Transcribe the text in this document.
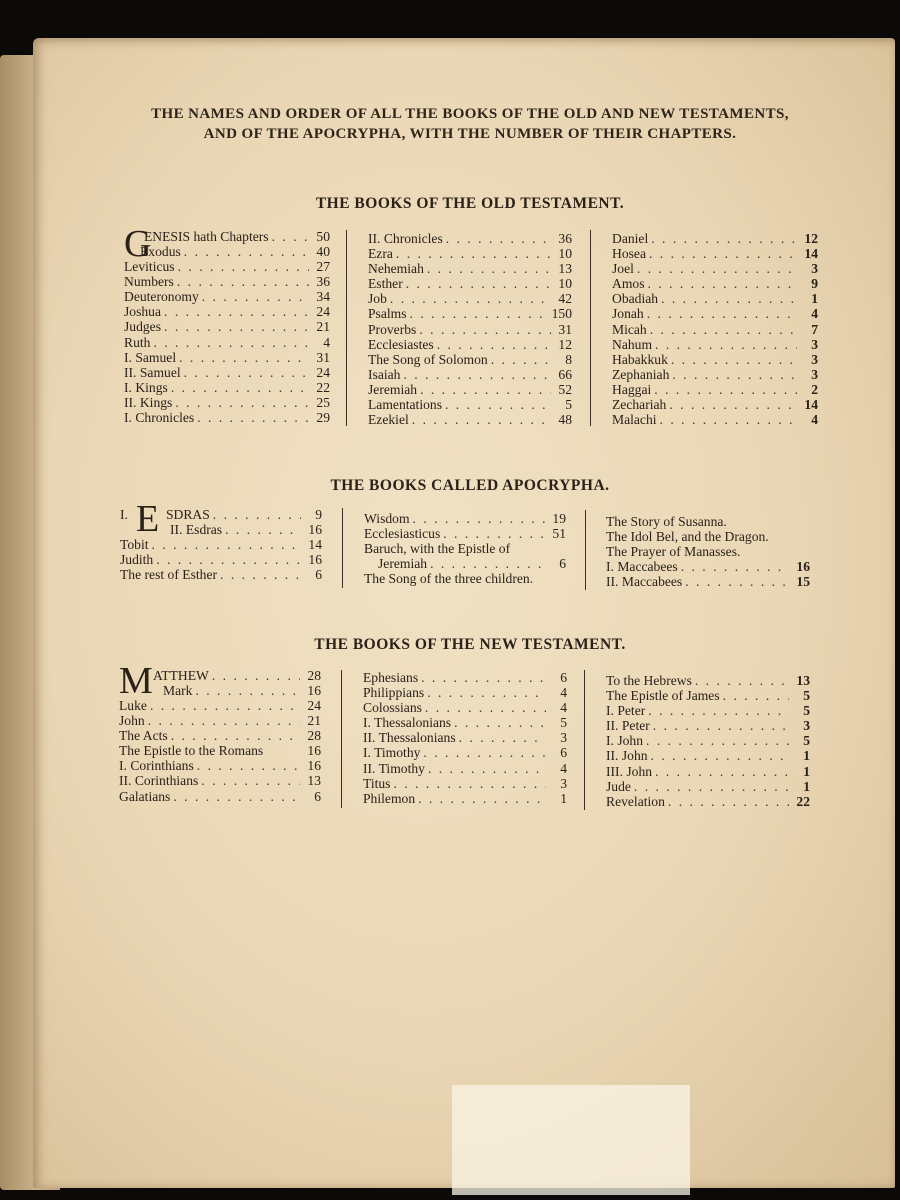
THE NAMES AND ORDER OF ALL THE BOOKS OF THE OLD AND NEW TESTAMENTS,
AND OF THE APOCRYPHA, WITH THE NUMBER OF THEIR CHAPTERS.
THE BOOKS OF THE OLD TESTAMENT.
G
ENESIS hath Chapters . . .	50
Exodus . . .	40
Leviticus . . .	27
Numbers . . .	36
Deuteronomy . . .	34
Joshua . . .	24
Judges . . .	21
Ruth . . .	4
I. Samuel . . .	31
II. Samuel . . .	24
I. Kings . . .	22
II. Kings . . .	25
I. Chronicles . . .	29
II. Chronicles . . .	36
Ezra . . .	10
Nehemiah . . .	13
Esther . . .	10
Job . . .	42
Psalms . . .	150
Proverbs . . .	31
Ecclesiastes . . .	12
The Song of Solomon . . .	8
Isaiah . . .	66
Jeremiah . . .	52
Lamentations . . .	5
Ezekiel . . .	48
Daniel . . .	12
Hosea . . .	14
Joel . . .	3
Amos . . .	9
Obadiah . . .	1
Jonah . . .	4
Micah . . .	7
Nahum . . .	3
Habakkuk . . .	3
Zephaniah . . .	3
Haggai . . .	2
Zechariah . . .	14
Malachi . . .	4
THE BOOKS CALLED APOCRYPHA.
E
I.	SDRAS . . .	9
II. Esdras . . .	16
Tobit . . .	14
Judith . . .	16
The rest of Esther . . .	6
Wisdom . . .	19
Ecclesiasticus . . .	51
Baruch, with the Epistle of
Jeremiah . . .	6
The Song of the three children.
The Story of Susanna.
The Idol Bel, and the Dragon.
The Prayer of Manasses.
I. Maccabees . . .	16
II. Maccabees . . .	15
THE BOOKS OF THE NEW TESTAMENT.
M ATTHEW . . .	28
Mark . . .	16
Luke . . .	24
John . . .	21
The Acts . . .	28
The Epistle to the Romans	16
I. Corinthians . . .	16
II. Corinthians . . .	13
Galatians . . .	6
Ephesians . . .	6
Philippians . . .	4
Colossians . . .	4
I. Thessalonians . . .	5
II. Thessalonians . . .	3
I. Timothy . . .	6
II. Timothy . . .	4
Titus . . .	3
Philemon . . .	1
To the Hebrews . . .	13
The Epistle of James . . .	5
I. Peter . . .	5
II. Peter . . .	3
I. John . . .	5
II. John . . .	1
III. John . . .	1
Jude . . .	1
Revelation . . .	22
